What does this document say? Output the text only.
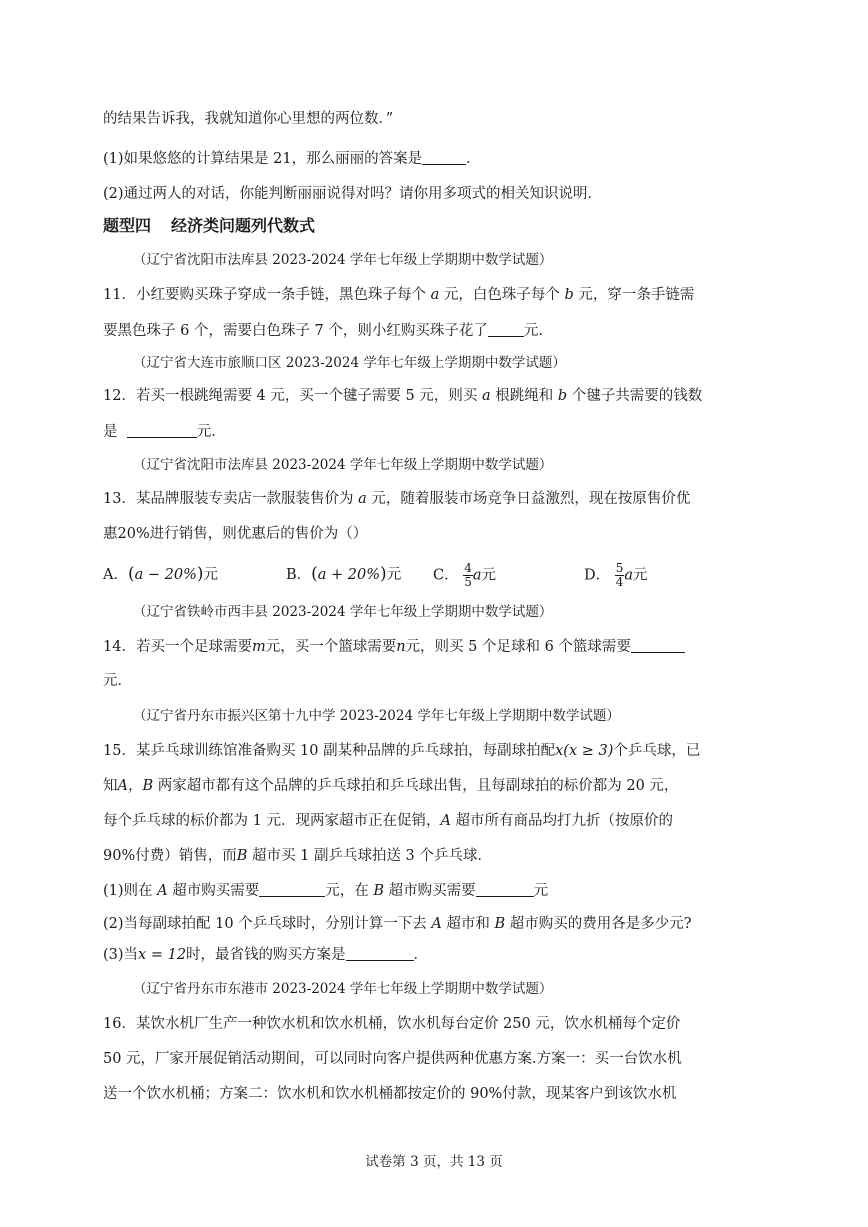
的结果告诉我，我就知道你心里想的两位数．”
(1)如果悠悠的计算结果是 21，那么丽丽的答案是	．
(2)通过两人的对话，你能判断丽丽说得对吗？请你用多项式的相关知识说明．
题型四 经济类问题列代数式
（辽宁省沈阳市法库县 2023-2024 学年七年级上学期期中数学试题）
11．小红要购买珠子穿成一条手链，黑色珠子每个 a 元，白色珠子每个 b 元，穿一条手链需
要黑色珠子 6 个，需要白色珠子 7 个，则小红购买珠子花了 元．
（辽宁省大连市旅顺口区 2023-2024 学年七年级上学期期中数学试题）
12．若买一根跳绳需要 4 元，买一个毽子需要 5 元，则买 a 根跳绳和 b 个毽子共需要的钱数
是	元．
（辽宁省沈阳市法库县 2023-2024 学年七年级上学期期中数学试题）
13．某品牌服装专卖店一款服装售价为 a 元，随着服装市场竞争日益激烈，现在按原售价优
惠20%进行销售，则优惠后的售价为（）
A．(a − 20%)元	B．(a + 20%)元 C． $\frac{4}{5}$ a元	D． $\frac{5}{4}$ a元
（辽宁省铁岭市西丰县 2023-2024 学年七年级上学期期中数学试题）
14．若买一个足球需要m元，买一个篮球需要n元，则买 5 个足球和 6 个篮球需要
元．
（辽宁省丹东市振兴区第十九中学 2023-2024 学年七年级上学期期中数学试题）
15．某乒乓球训练馆准备购买 10 副某种品牌的乒乓球拍，每副球拍配x(x ≥ 3)个乒乓球，已
知A，B 两家超市都有这个品牌的乒乓球拍和乒乓球出售，且每副球拍的标价都为 20 元，
每个乒乓球的标价都为 1 元．现两家超市正在促销，A 超市所有商品均打九折（按原价的
90%付费）销售，而B 超市买 1 副乒乓球拍送 3 个乒乓球．
(1)则在 A 超市购买需要	元，在 B 超市购买需要	元
(2)当每副球拍配 10 个乒乓球时，分别计算一下去 A 超市和 B 超市购买的费用各是多少元?
(3)当x = 12时，最省钱的购买方案是	．
（辽宁省丹东市东港市 2023-2024 学年七年级上学期期中数学试题）
16．某饮水机厂生产一种饮水机和饮水机桶，饮水机每台定价 250 元，饮水机桶每个定价
50 元，厂家开展促销活动期间，可以同时向客户提供两种优惠方案.方案一：买一台饮水机
送一个饮水机桶；方案二：饮水机和饮水机桶都按定价的 90%付款，现某客户到该饮水机
试卷第 3 页，共 13 页
